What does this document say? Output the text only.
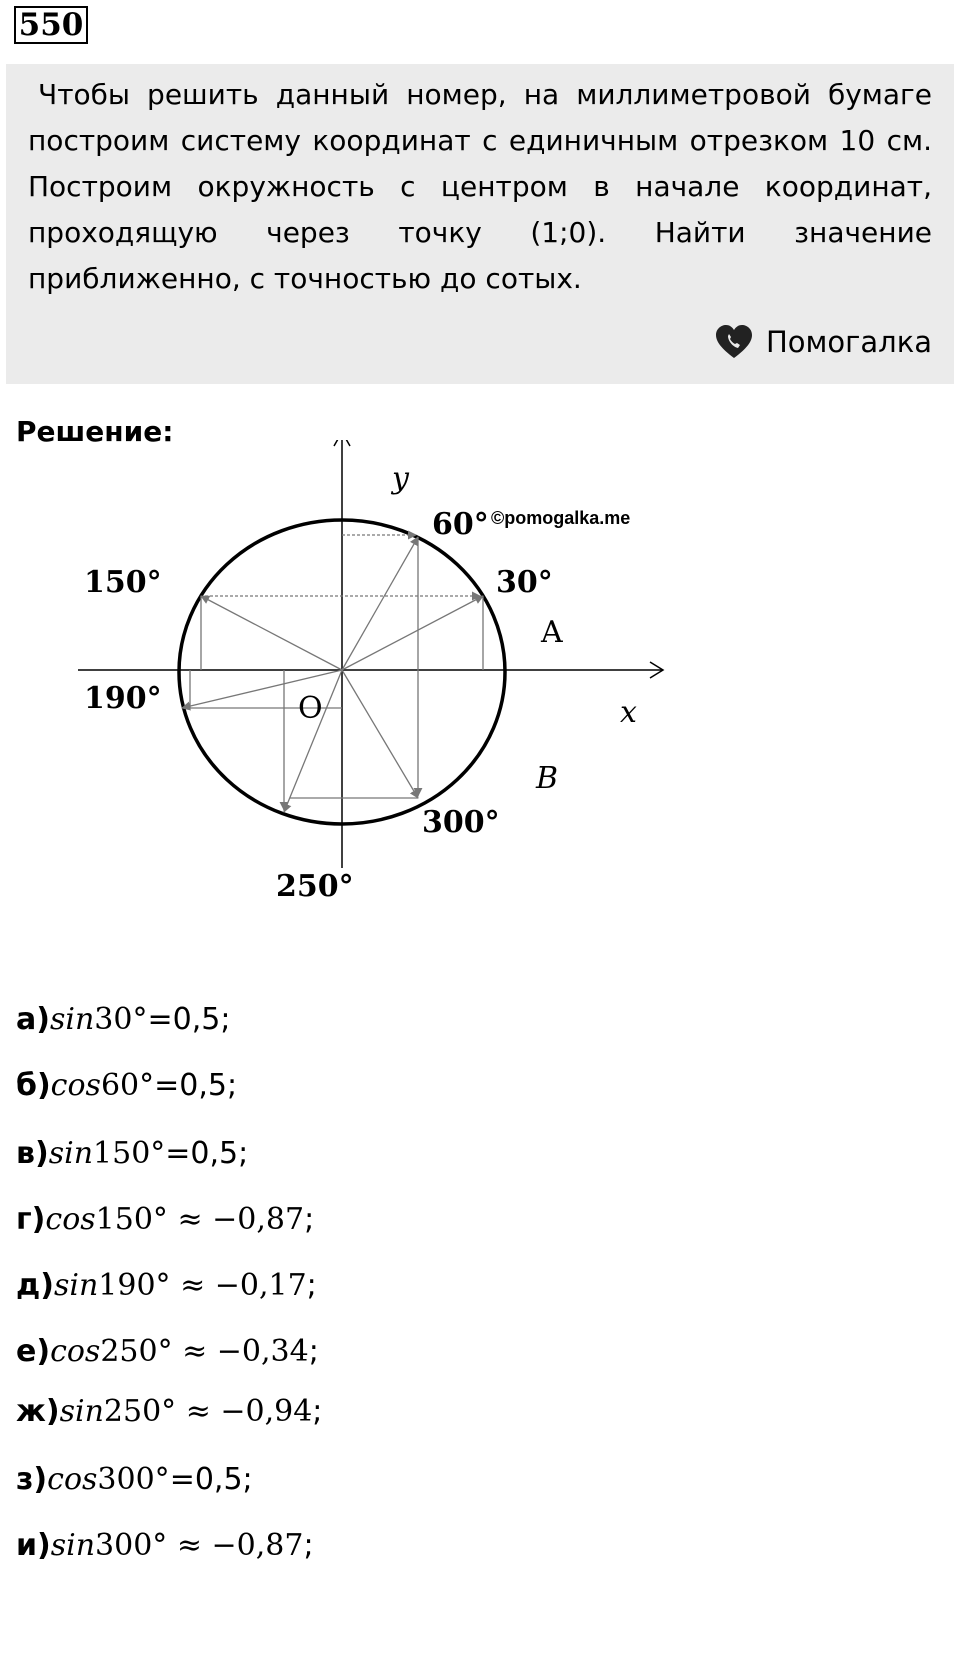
550
Чтобы решить данный номер, на миллиметровой бумаге построим систему координат с единичным отрезком 10 см. Построим окружность с центром в начале координат, проходящую через точку (1;0). Найти значение приближенно, с точностью до сотых.
Помогалка
Решение:
y
x
O
A
B
60° ©pomogalka.me
30°
150°
190°
300°
250°
а)sin30°=0,5;
б)cos60°=0,5;
в)sin150°=0,5;
г)cos150° ≈ −0,87;
д)sin190° ≈ −0,17;
е)cos250° ≈ −0,34;
ж)sin250° ≈ −0,94;
з)cos300°=0,5;
и)sin300° ≈ −0,87;
